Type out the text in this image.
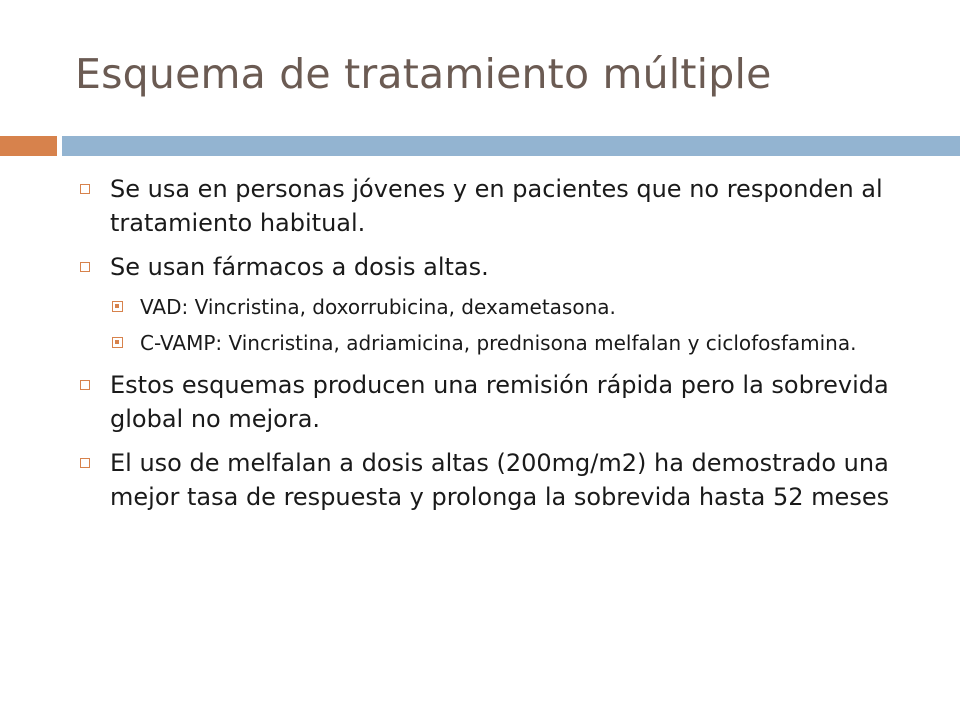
Esquema de tratamiento múltiple
Se usa en personas jóvenes y en pacientes que no responden al tratamiento habitual.
Se usan fármacos a dosis altas.
VAD: Vincristina, doxorrubicina, dexametasona.
C-VAMP: Vincristina, adriamicina, prednisona melfalan y ciclofosfamina.
Estos esquemas producen una remisión rápida pero la sobrevida global no mejora.
El uso de melfalan a dosis altas (200mg/m2) ha demostrado una mejor tasa de respuesta y prolonga la sobrevida hasta 52 meses
